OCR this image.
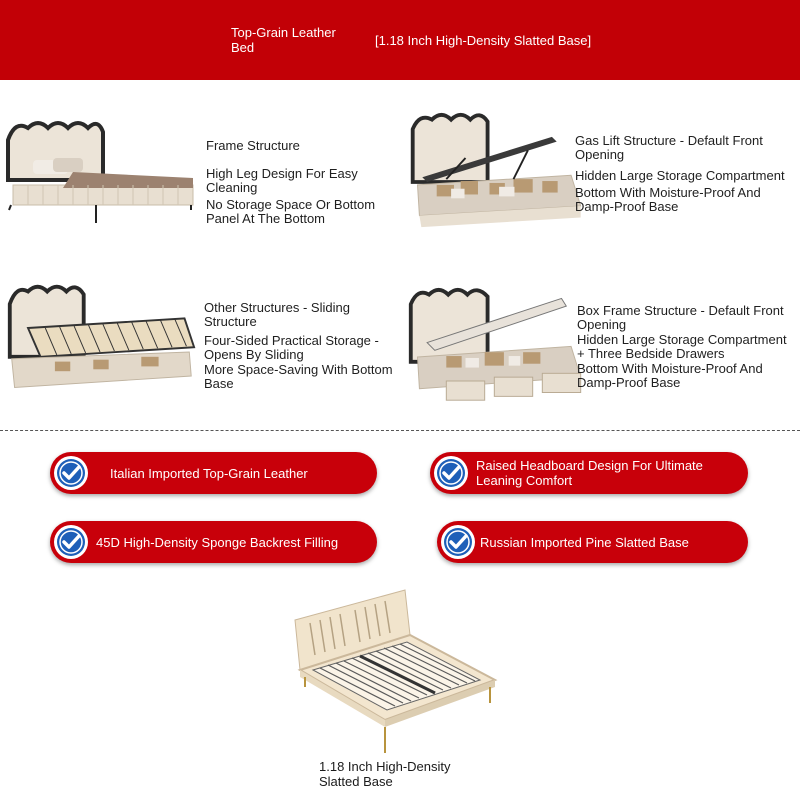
Top-Grain Leather Bed	[1.18 Inch High-Density Slatted Base]
Frame Structure
High Leg Design For Easy Cleaning
No Storage Space Or Bottom Panel At The Bottom
Gas Lift Structure - Default Front Opening
Hidden Large Storage Compartment
Bottom With Moisture-Proof And Damp-Proof Base
Other Structures - Sliding Structure
Four-Sided Practical Storage - Opens By Sliding
More Space-Saving With Bottom Base
Box Frame Structure - Default Front Opening
Hidden Large Storage Compartment + Three Bedside Drawers
Bottom With Moisture-Proof And Damp-Proof Base
Italian Imported Top-Grain Leather	Raised Headboard Design For Ultimate Leaning Comfort
45D High-Density Sponge Backrest Filling	Russian Imported Pine Slatted Base
1.18 Inch High-Density Slatted Base
